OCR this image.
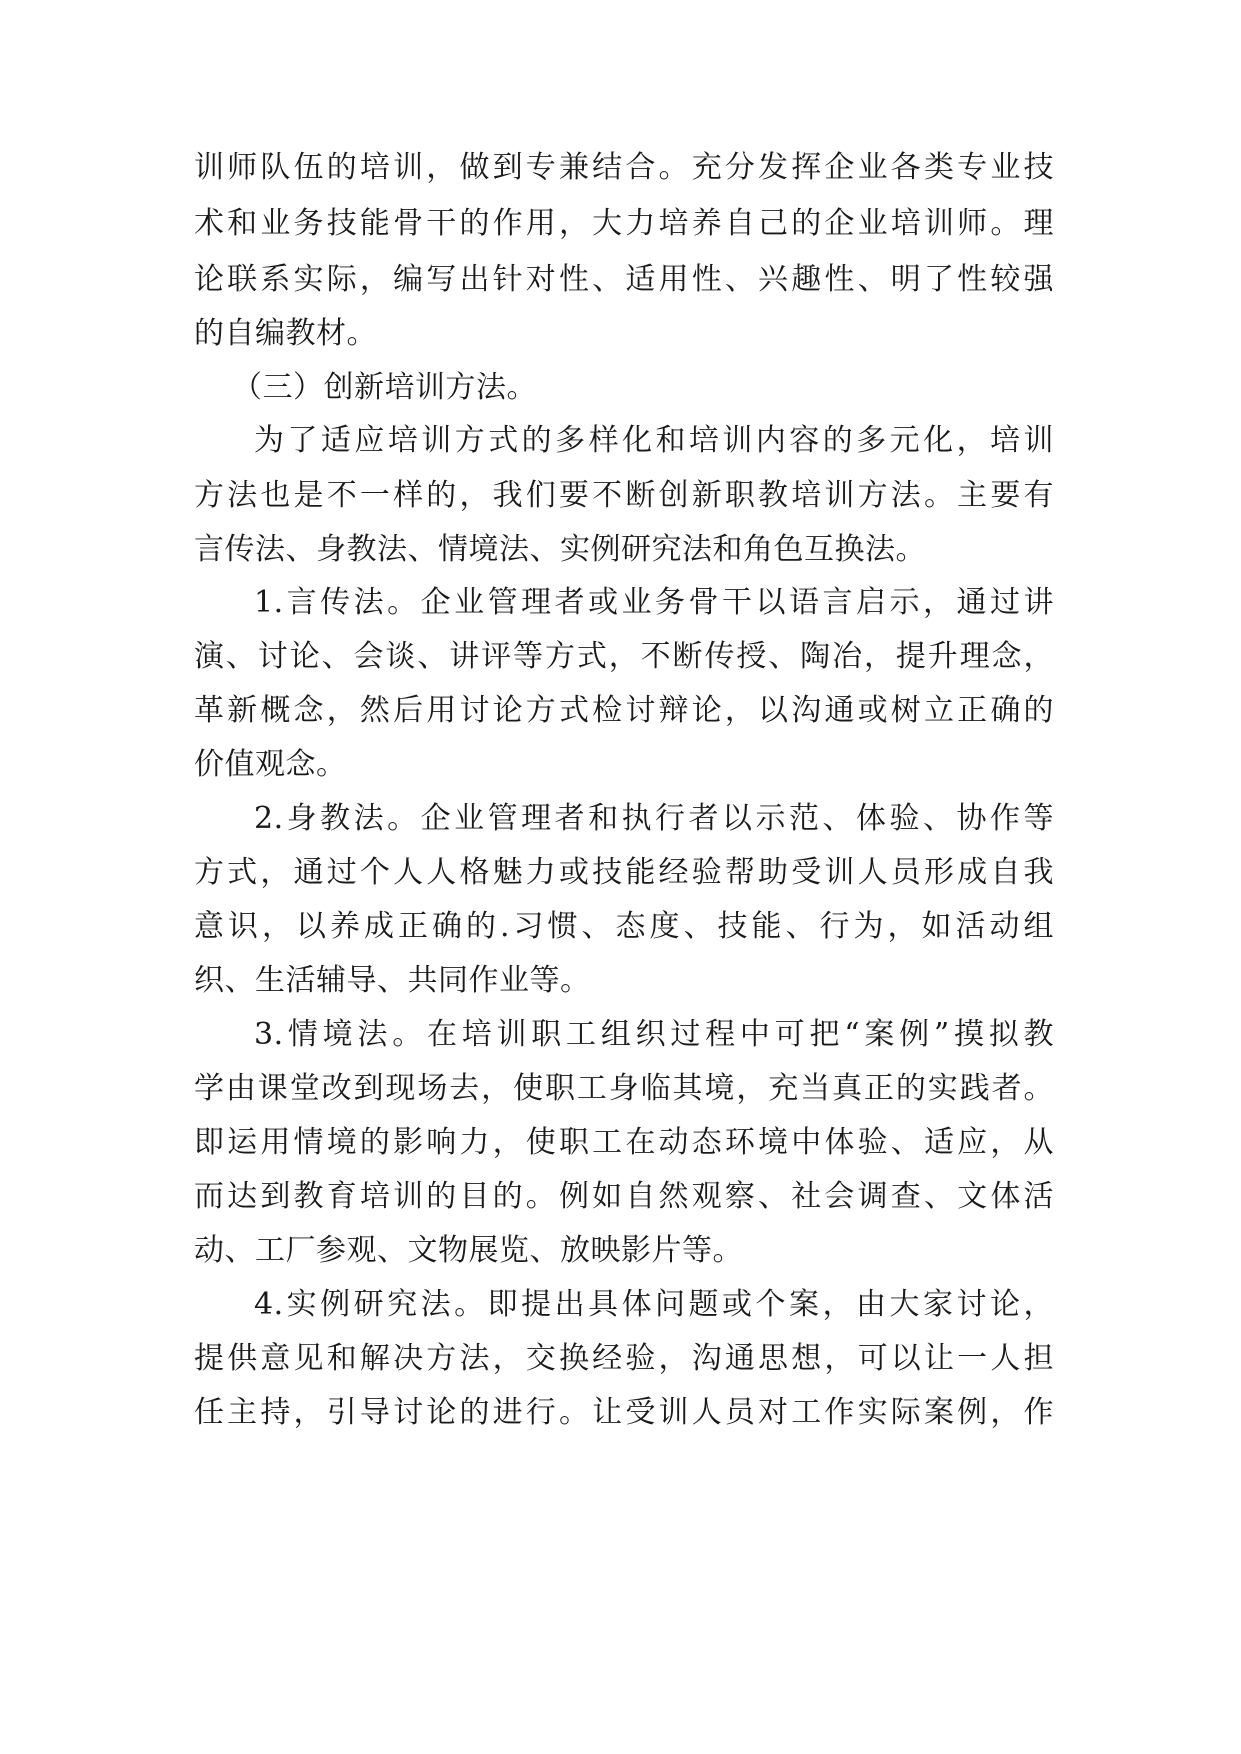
训师队伍的培训，做到专兼结合。充分发挥企业各类专业技
术和业务技能骨干的作用，大力培养自己的企业培训师。理
论联系实际，编写出针对性、适用性、兴趣性、明了性较强
的自编教材。
（三）创新培训方法。
为了适应培训方式的多样化和培训内容的多元化，培训
方法也是不一样的，我们要不断创新职教培训方法。主要有
言传法、身教法、情境法、实例研究法和角色互换法。
1.言传法。企业管理者或业务骨干以语言启示，通过讲
演、讨论、会谈、讲评等方式，不断传授、陶冶，提升理念，
革新概念，然后用讨论方式检讨辩论，以沟通或树立正确的
价值观念。
2.身教法。企业管理者和执行者以示范、体验、协作等
方式，通过个人人格魅力或技能经验帮助受训人员形成自我
意识，以养成正确的.习惯、态度、技能、行为，如活动组
织、生活辅导、共同作业等。
3.情境法。在培训职工组织过程中可把“案例”摸拟教
学由课堂改到现场去，使职工身临其境，充当真正的实践者。
即运用情境的影响力，使职工在动态环境中体验、适应，从
而达到教育培训的目的。例如自然观察、社会调查、文体活
动、工厂参观、文物展览、放映影片等。
4.实例研究法。即提出具体问题或个案，由大家讨论，
提供意见和解决方法，交换经验，沟通思想，可以让一人担
任主持，引导讨论的进行。让受训人员对工作实际案例，作
